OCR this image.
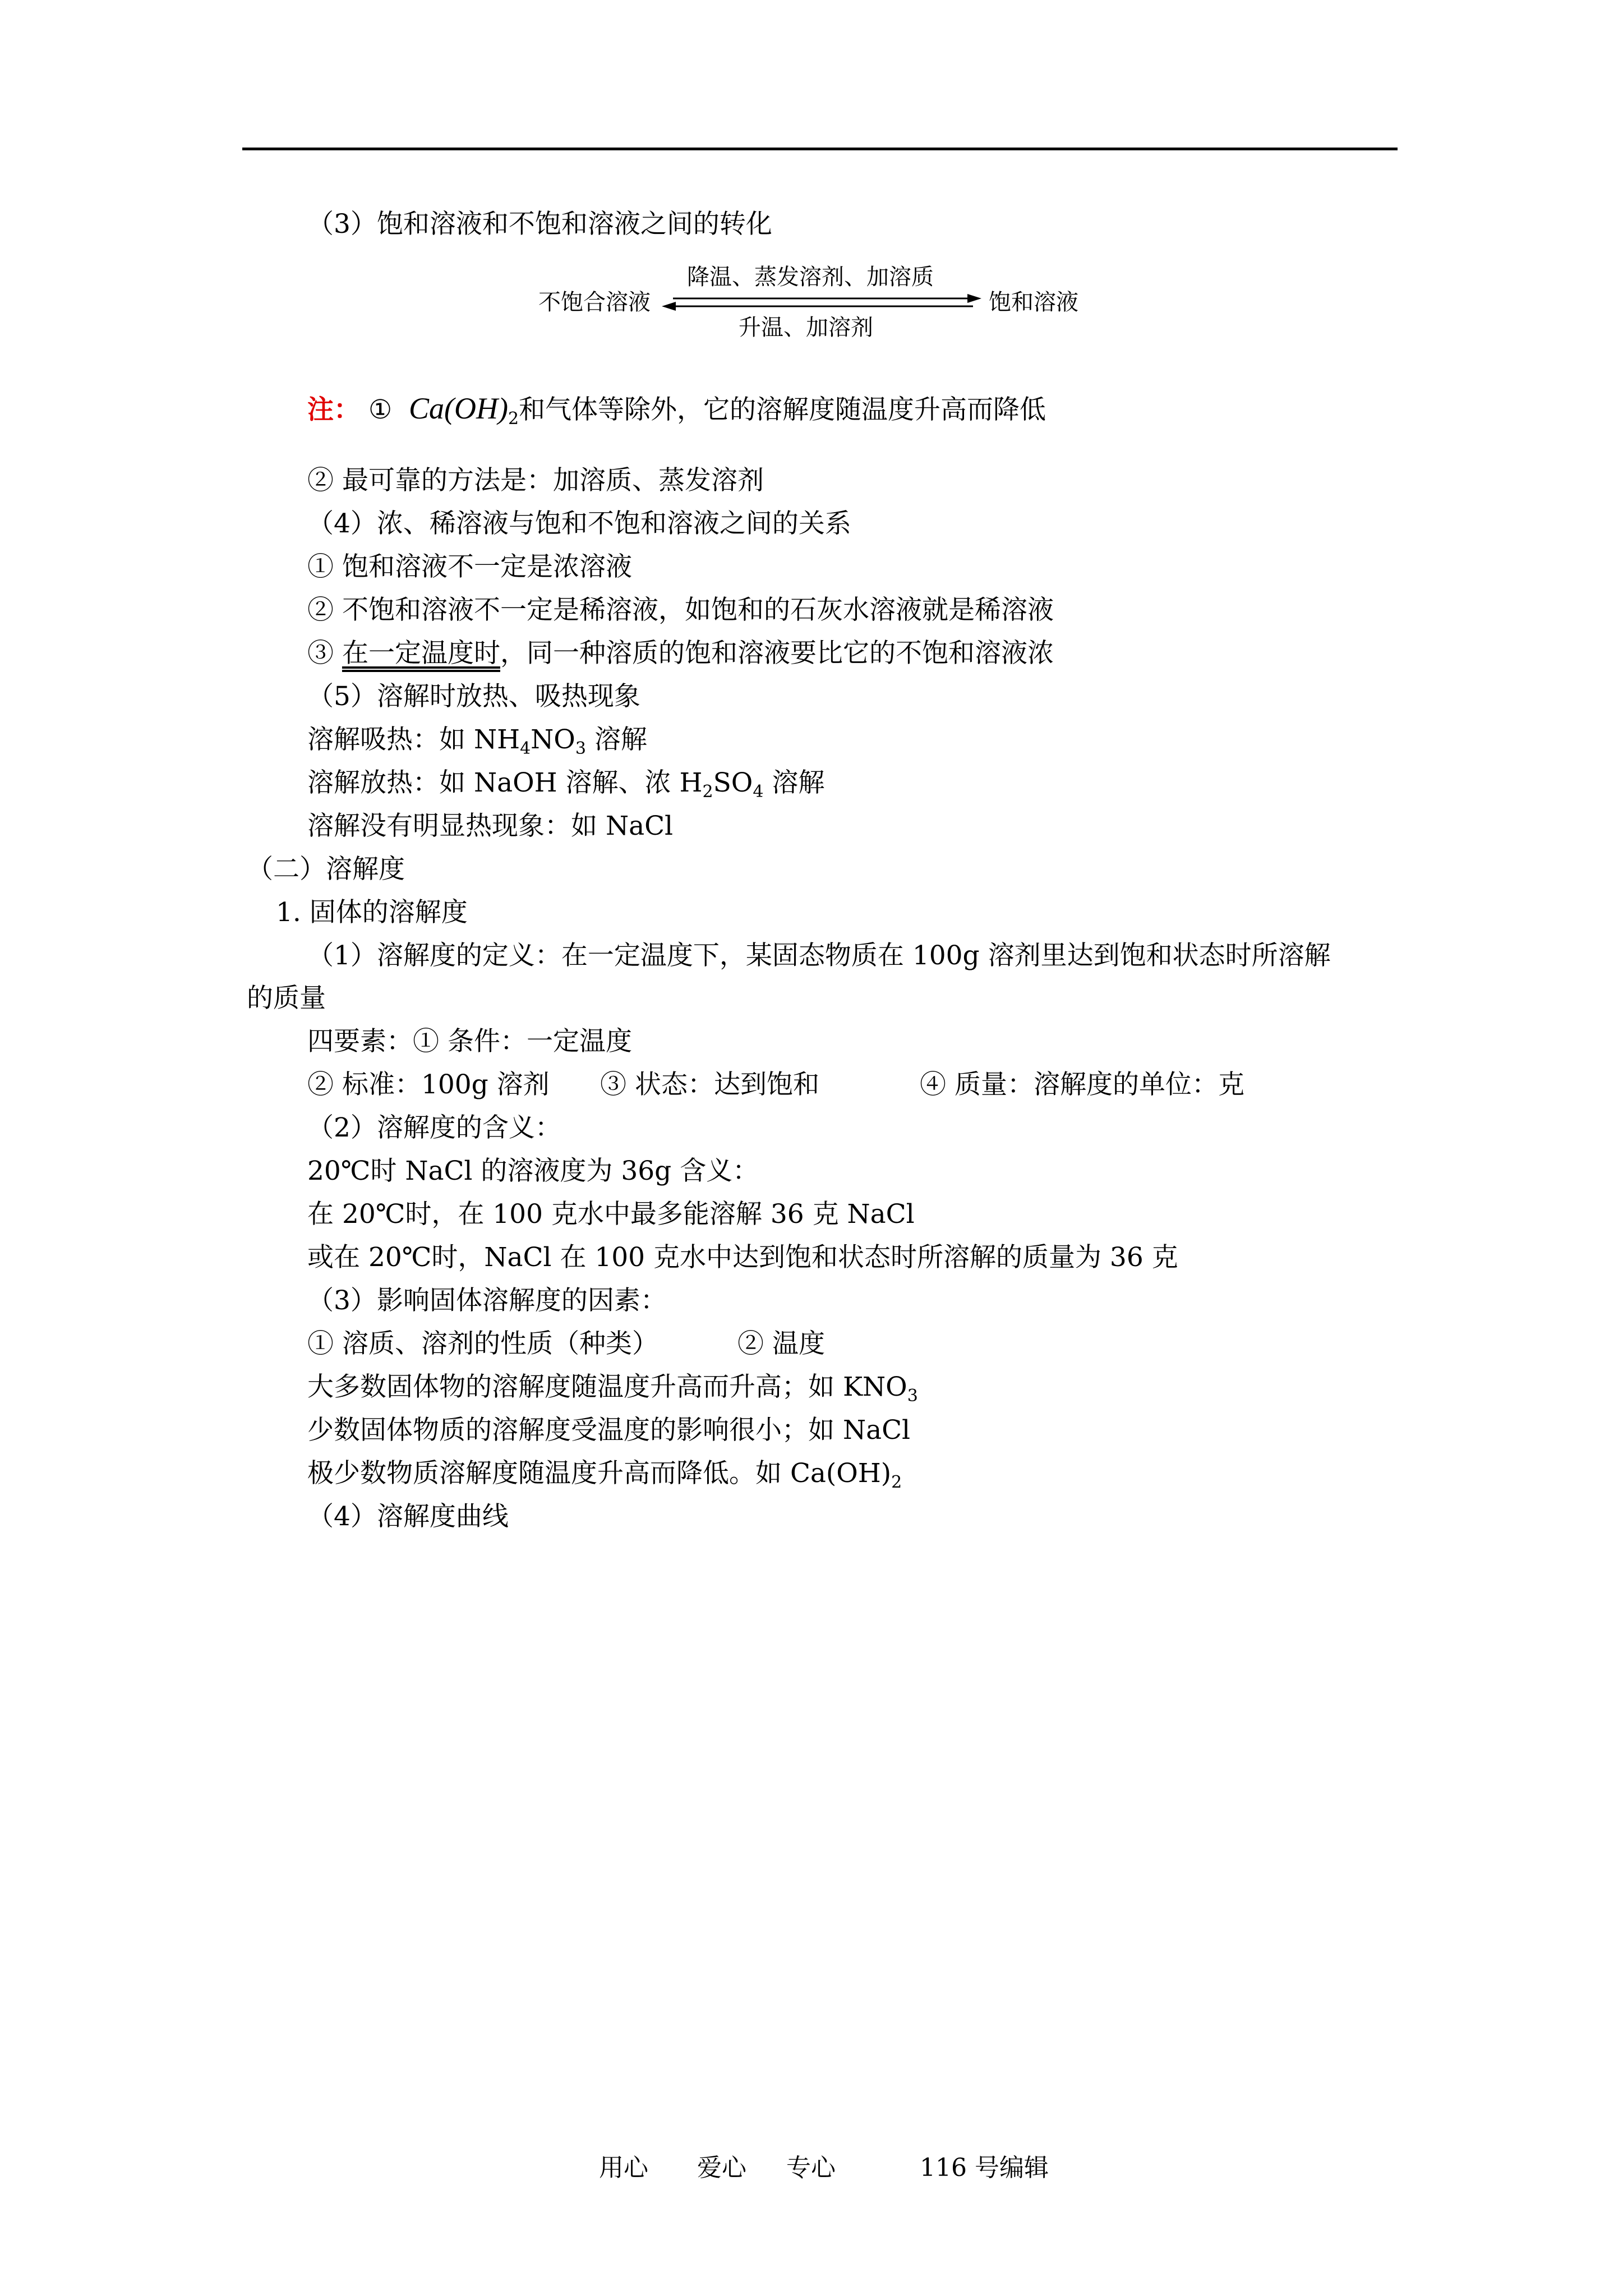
（3）饱和溶液和不饱和溶液之间的转化
不饱合溶液
降温、蒸发溶剂、加溶质
升温、加溶剂
饱和溶液
注： ① $Ca(OH)_2$和气体等除外，它的溶解度随温度升高而降低
② 最可靠的方法是：加溶质、蒸发溶剂
（4）浓、稀溶液与饱和不饱和溶液之间的关系
① 饱和溶液不一定是浓溶液
② 不饱和溶液不一定是稀溶液，如饱和的石灰水溶液就是稀溶液
③ 在一定温度时，同一种溶质的饱和溶液要比它的不饱和溶液浓
（5）溶解时放热、吸热现象
溶解吸热：如 $NH_4NO_3$ 溶解
溶解放热：如 NaOH 溶解、浓 $H_2SO_4$ 溶解
溶解没有明显热现象：如 NaCl
（二）溶解度
1. 固体的溶解度
（1）溶解度的定义：在一定温度下，某固态物质在 100g 溶剂里达到饱和状态时所溶解
的质量
四要素：① 条件：一定温度
② 标准：100g 溶剂 ③ 状态：达到饱和	④ 质量：溶解度的单位：克
（2）溶解度的含义：
20℃时 NaCl 的溶液度为 36g 含义：
在 20℃时，在 100 克水中最多能溶解 36 克 NaCl
或在 20℃时，NaCl 在 100 克水中达到饱和状态时所溶解的质量为 36 克
（3）影响固体溶解度的因素：
① 溶质、溶剂的性质（种类）	② 温度
大多数固体物的溶解度随温度升高而升高；如 $KNO_3$
少数固体物质的溶解度受温度的影响很小；如 NaCl
极少数物质溶解度随温度升高而降低。如 $Ca(OH)_2$
（4）溶解度曲线
用心 爱心 专心	116 号编辑
